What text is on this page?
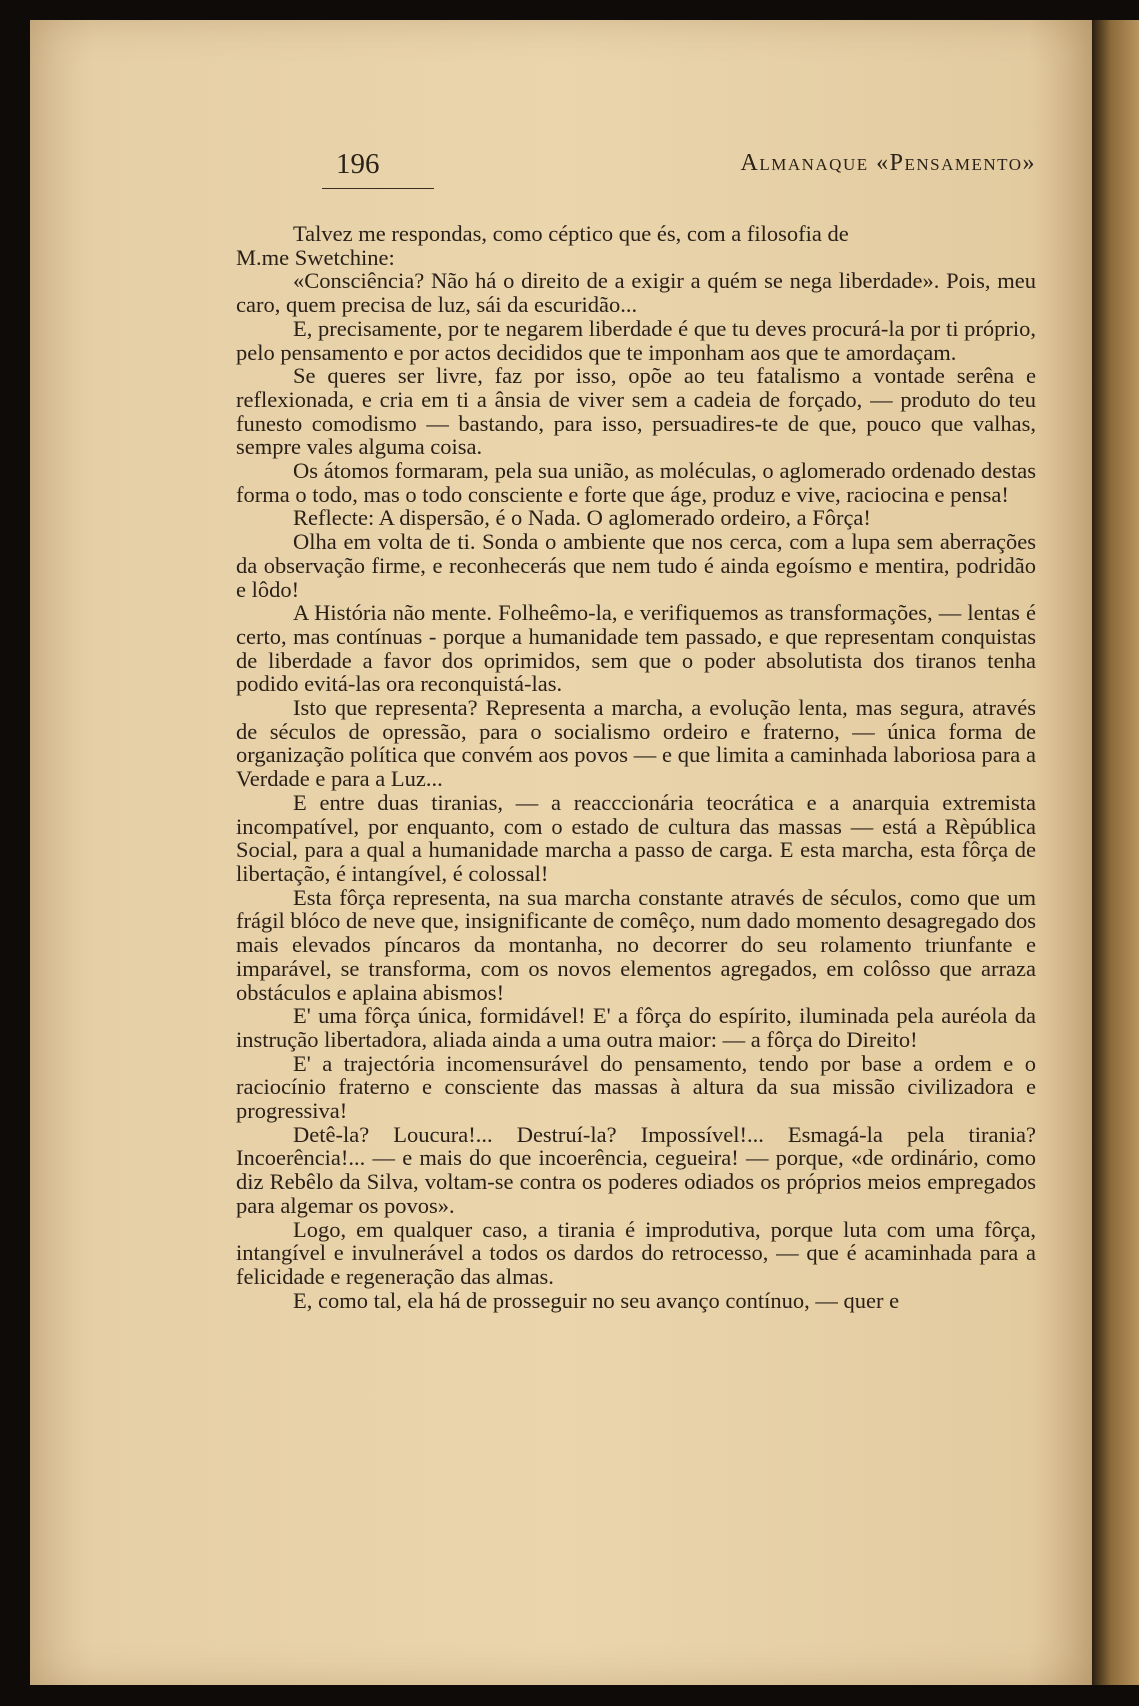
196	Almanaque «Pensamento»

Talvez me respondas, como céptico que és, com a filosofia de

M.me Swetchine:

«Consciência? Não há o direito de a exigir a quém se nega liberdade». Pois, meu caro, quem precisa de luz, sái da escuridão...

E, precisamente, por te negarem liberdade é que tu deves procurá-la por ti próprio, pelo pensamento e por actos decididos que te imponham aos que te amordaçam.

Se queres ser livre, faz por isso, opõe ao teu fatalismo a vontade serêna e reflexionada, e cria em ti a ânsia de viver sem a cadeia de forçado, — produto do teu funesto comodismo — bastando, para isso, persuadires-te de que, pouco que valhas, sempre vales alguma coisa.

Os átomos formaram, pela sua união, as moléculas, o aglomerado ordenado destas forma o todo, mas o todo consciente e forte que áge, produz e vive, raciocina e pensa!

Reflecte: A dispersão, é o Nada. O aglomerado ordeiro, a Fôrça!

Olha em volta de ti. Sonda o ambiente que nos cerca, com a lupa sem aberrações da observação firme, e reconhecerás que nem tudo é ainda egoísmo e mentira, podridão e lôdo!

A História não mente. Folheêmo-la, e verifiquemos as transformações, — lentas é certo, mas contínuas - porque a humanidade tem passado, e que representam conquistas de liberdade a favor dos oprimidos, sem que o poder absolutista dos tiranos tenha podido evitá-las ora reconquistá-las.

Isto que representa? Representa a marcha, a evolução lenta, mas segura, através de séculos de opressão, para o socialismo ordeiro e fraterno, — única forma de organização política que convém aos povos — e que limita a caminhada laboriosa para a Verdade e para a Luz...

E entre duas tiranias, — a reacccionária teocrática e a anarquia extremista incompatível, por enquanto, com o estado de cultura das massas — está a Rèpública Social, para a qual a humanidade marcha a passo de carga. E esta marcha, esta fôrça de libertação, é intangível, é colossal!

Esta fôrça representa, na sua marcha constante através de séculos, como que um frágil blóco de neve que, insignificante de comêço, num dado momento desagregado dos mais elevados píncaros da montanha, no decorrer do seu rolamento triunfante e imparável, se transforma, com os novos elementos agregados, em colôsso que arraza obstáculos e aplaina abismos!

E' uma fôrça única, formidável! E' a fôrça do espírito, iluminada pela auréola da instrução libertadora, aliada ainda a uma outra maior: — a fôrça do Direito!

E' a trajectória incomensurável do pensamento, tendo por base a ordem e o raciocínio fraterno e consciente das massas à altura da sua missão civilizadora e progressiva!

Detê-la? Loucura!... Destruí-la? Impossível!... Esmagá-la pela tirania? Incoerência!... — e mais do que incoerência, cegueira! — porque, «de ordinário, como diz Rebêlo da Silva, voltam-se contra os poderes odiados os próprios meios empregados para algemar os povos».

Logo, em qualquer caso, a tirania é improdutiva, porque luta com uma fôrça, intangível e invulnerável a todos os dardos do retrocesso, — que é acaminhada para a felicidade e regeneração das almas.

E, como tal, ela há de prosseguir no seu avanço contínuo, — quer e
